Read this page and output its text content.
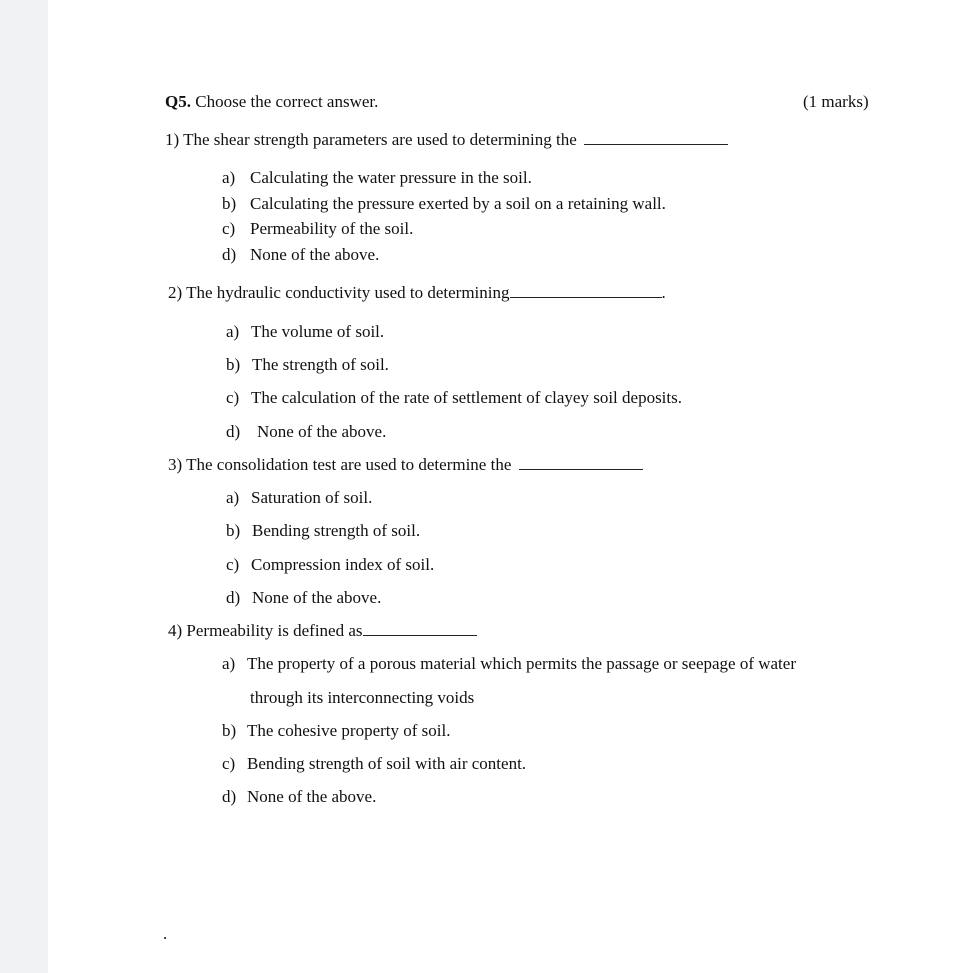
Q5. Choose the correct answer.	(1 marks)
1) The shear strength parameters are used to determining the
a) Calculating the water pressure in the soil.
b) Calculating the pressure exerted by a soil on a retaining wall.
c) Permeability of the soil.
d) None of the above.
2) The hydraulic conductivity used to determining	.
a) The volume of soil.
b) The strength of soil.
c) The calculation of the rate of settlement of clayey soil deposits.
d) None of the above.
3) The consolidation test are used to determine the
a) Saturation of soil.
b) Bending strength of soil.
c) Compression index of soil.
d) None of the above.
4) Permeability is defined as
a) The property of a porous material which permits the passage or seepage of water
through its interconnecting voids
b) The cohesive property of soil.
c) Bending strength of soil with air content.
d) None of the above.
.
